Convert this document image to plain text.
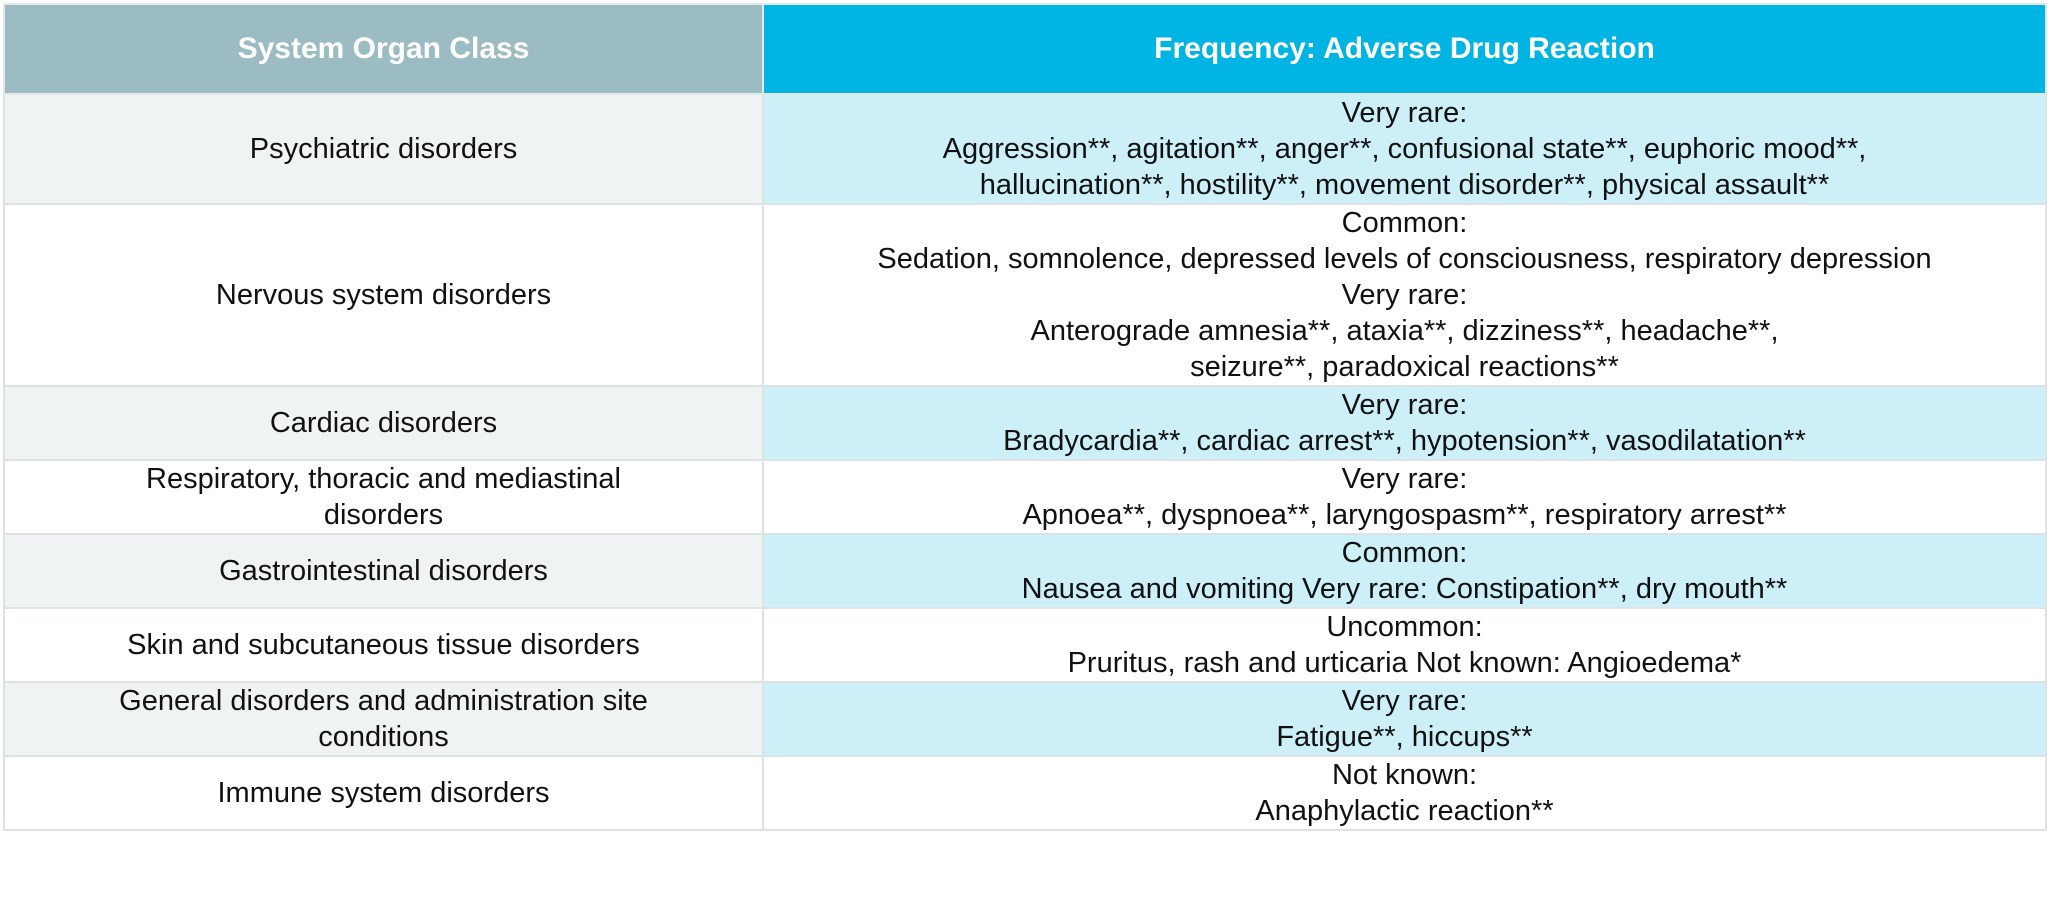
System Organ Class	Frequency: Adverse Drug Reaction
Psychiatric disorders	Very rare:
Aggression**, agitation**, anger**, confusional state**, euphoric mood**,
hallucination**, hostility**, movement disorder**, physical assault**

Nervous system disorders	Common:
Sedation, somnolence, depressed levels of consciousness, respiratory depression
Very rare:
Anterograde amnesia**, ataxia**, dizziness**, headache**,
seizure**, paradoxical reactions**

Cardiac disorders	Very rare:
Bradycardia**, cardiac arrest**, hypotension**, vasodilatation**

Respiratory, thoracic and mediastinal disorders	Very rare:
Apnoea**, dyspnoea**, laryngospasm**, respiratory arrest**

Gastrointestinal disorders	Common:
Nausea and vomiting Very rare: Constipation**, dry mouth**

Skin and subcutaneous tissue disorders	Uncommon:
Pruritus, rash and urticaria Not known: Angioedema*

General disorders and administration site conditions	Very rare:
Fatigue**, hiccups**

Immune system disorders	Not known:
Anaphylactic reaction**
